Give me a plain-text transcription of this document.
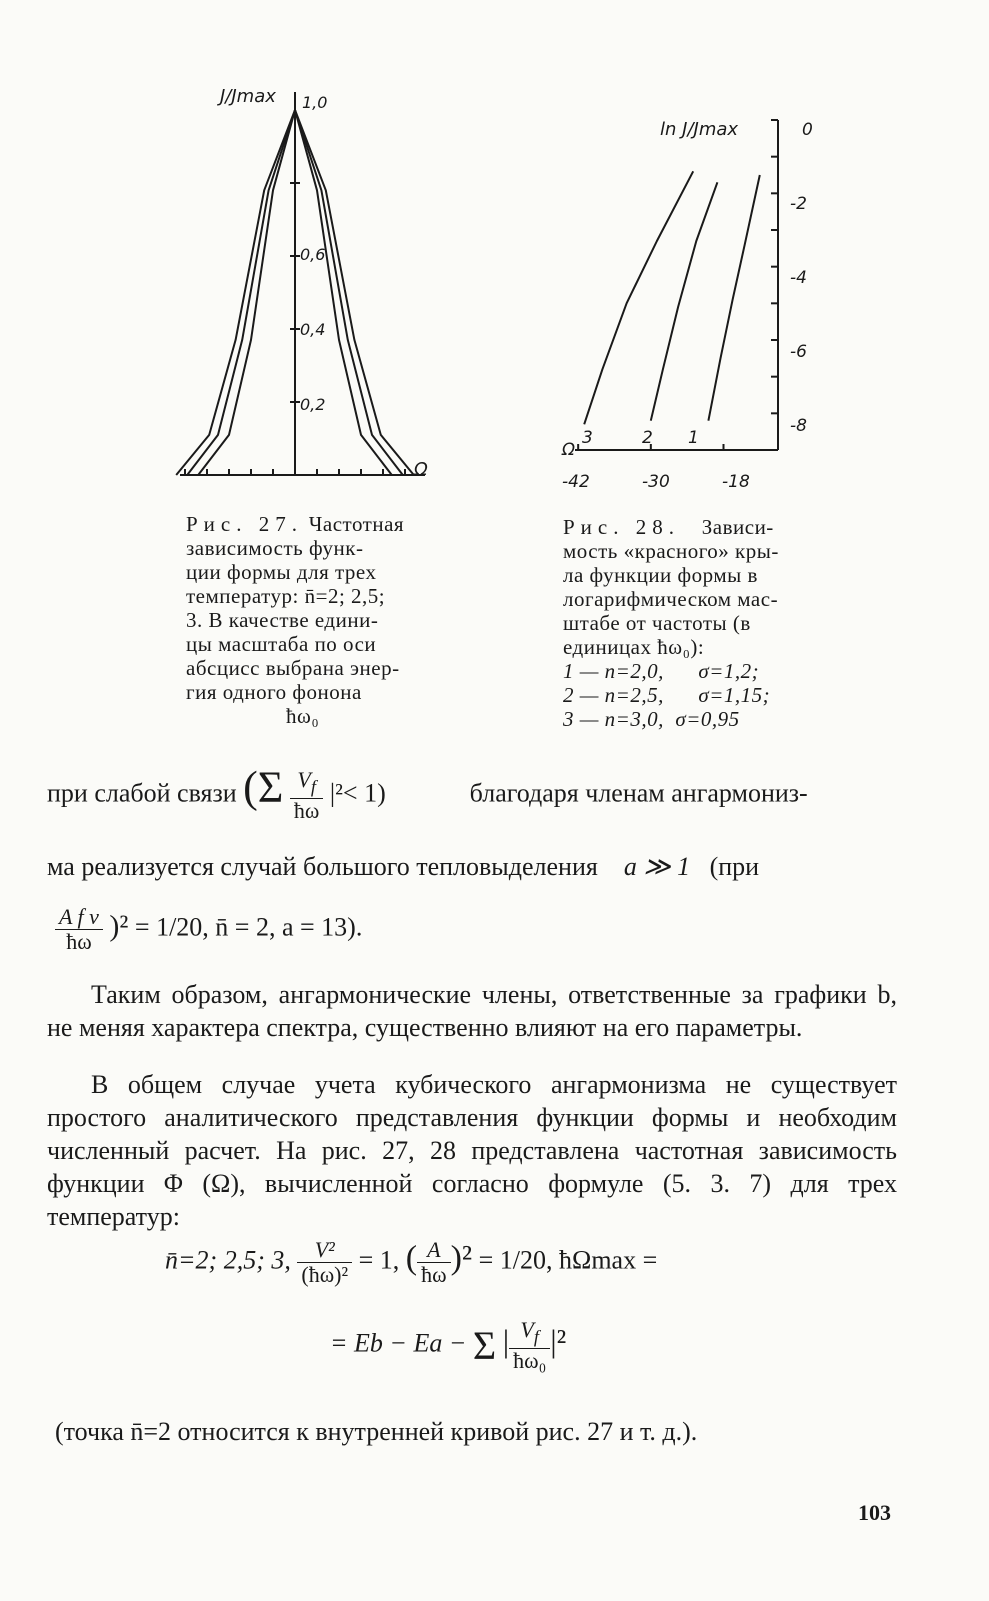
J/Jmax 1,0
0,6
0,4
0,2
Ω
Рис. 27. Частотная
зависимость функ-
ции формы для трех
температур: n̄=2; 2,5;
3. В качестве едини-
цы масштаба по оси
абсцисс выбрана энер-
гия одного фонона
ħω₀
ln J/Jmax	0
-2
-4
-6
-8
-42	-30	-18
Ω
3	2 1
Рис. 28. Зависи-
мость «красного» кры-
ла функции формы в
логарифмическом мас-
штабе от частоты (в
единицах ħω₀):
1 — n=2,0,      σ=1,2;
2 — n=2,5,      σ=1,15;
3 — n=3,0,  σ=0,95
при слабой связи $(\Sigma \frac{V_f}{ħ\omega} |^2< 1)$	благодаря членам ангармониз-
ма реализуется случай большого тепловыделения a ≫ 1 (при
$\frac{\text{A f ν}}{ħ\omega} )^2 = 1/20$, n̄ = 2, a = 13).
Таким образом, ангармонические члены, ответственные за графики b, не меняя характера спектра, существенно влияют на его параметры.
В общем случае учета кубического ангармонизма не существует простого аналитического представления функции формы и необходим численный расчет. На рис. 27, 28 представлена частотная зависимость функции Φ (Ω), вычисленной согласно формуле (5. 3. 7) для трех температур:
n̄=2; 2,5; 3, $\frac{\text{V²}}{\text{(ħω)²}} = 1$, ( $\frac{A}{ħ\omega} )^2 = 1/20$, ħΩmax =
= Eb − Ea − Σ | $\frac{V_f}{\text{ħω₀}} |^2$
(точка n̄=2 относится к внутренней кривой рис. 27 и т. д.).
103
